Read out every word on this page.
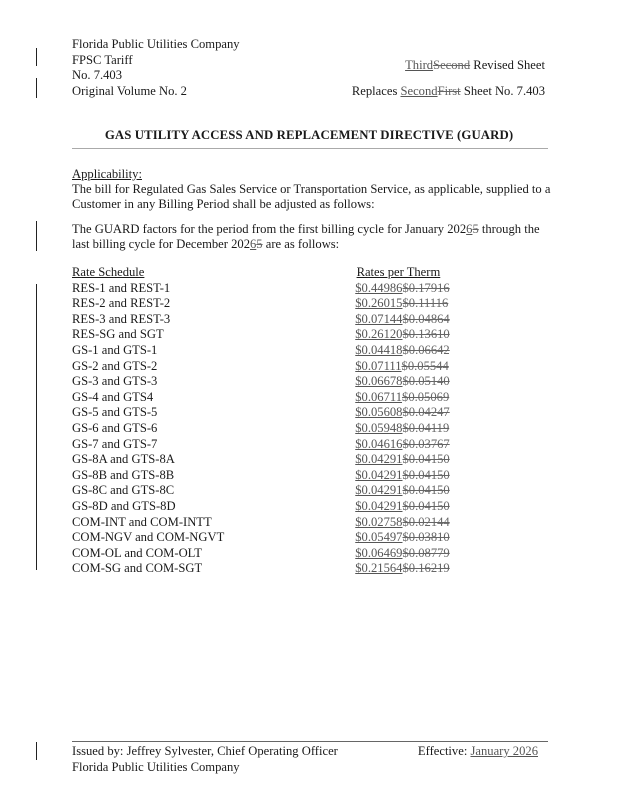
Florida Public Utilities Company
FPSC Tariff
No. 7.403
Original Volume No. 2
ThirdSecond Revised Sheet
Replaces SecondFirst Sheet No. 7.403
GAS UTILITY ACCESS AND REPLACEMENT DIRECTIVE (GUARD)
Applicability:
The bill for Regulated Gas Sales Service or Transportation Service, as applicable, supplied to a Customer in any Billing Period shall be adjusted as follows:
The GUARD factors for the period from the first billing cycle for January 20265 through the last billing cycle for December 20265 are as follows:
Rate Schedule	Rates per Therm
RES-1 and REST-1	$0.44986$0.17916
RES-2 and REST-2	$0.26015$0.11116
RES-3 and REST-3	$0.07144$0.04864
RES-SG and SGT	$0.26120$0.13610
GS-1 and GTS-1	$0.04418$0.06642
GS-2 and GTS-2	$0.07111$0.05544
GS-3 and GTS-3	$0.06678$0.05140
GS-4 and GTS4	$0.06711$0.05069
GS-5 and GTS-5	$0.05608$0.04247
GS-6 and GTS-6	$0.05948$0.04119
GS-7 and GTS-7	$0.04616$0.03767
GS-8A and GTS-8A	$0.04291$0.04150
GS-8B and GTS-8B	$0.04291$0.04150
GS-8C and GTS-8C	$0.04291$0.04150
GS-8D and GTS-8D	$0.04291$0.04150
COM-INT and COM-INTT	$0.02758$0.02144
COM-NGV and COM-NGVT	$0.05497$0.03810
COM-OL and COM-OLT	$0.06469$0.08779
COM-SG and COM-SGT	$0.21564$0.16219
Issued by: Jeffrey Sylvester, Chief Operating Officer
Florida Public Utilities Company
Effective: January 2026
